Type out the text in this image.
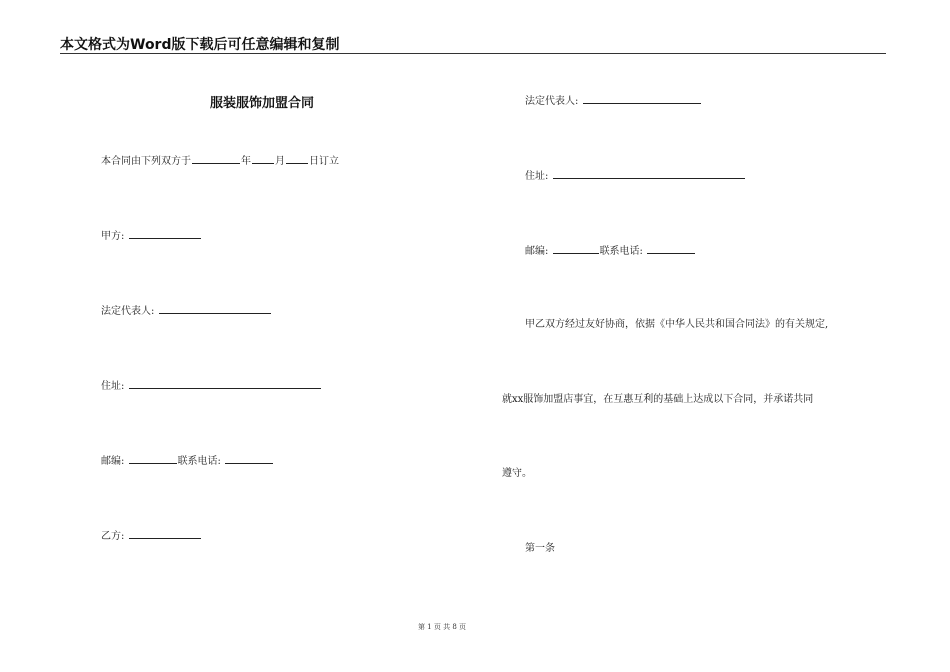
本文格式为Word版下载后可任意编辑和复制
服装服饰加盟合同
本合同由下列双方于	年 月 日订立
甲方:
法定代表人:
住址:
邮编:	联系电话:
乙方:
法定代表人:
住址:
邮编:	联系电话:
甲乙双方经过友好协商，依据《中华人民共和国合同法》的有关规定,
就xx服饰加盟店事宜，在互惠互利的基础上达成以下合同，并承诺共同
遵守。
第一条
第 1 页 共 8 页
